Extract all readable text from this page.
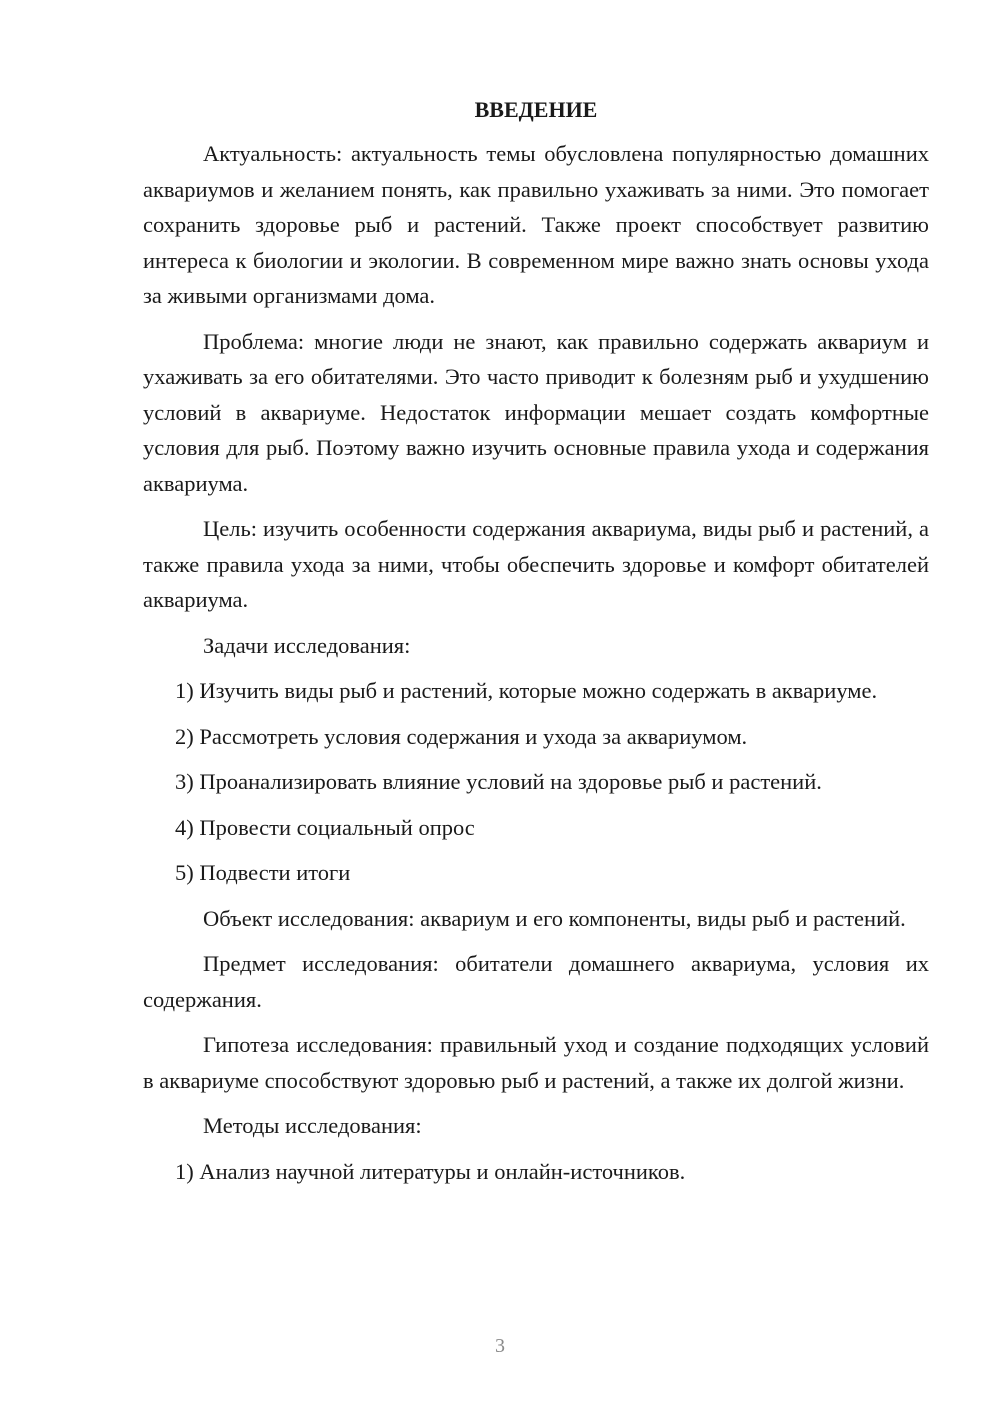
ВВЕДЕНИЕ

Актуальность: актуальность темы обусловлена популярностью домашних аквариумов и желанием понять, как правильно ухаживать за ними. Это помогает сохранить здоровье рыб и растений. Также проект способствует развитию интереса к биологии и экологии. В современном мире важно знать основы ухода за живыми организмами дома.

Проблема: многие люди не знают, как правильно содержать аквариум и ухаживать за его обитателями. Это часто приводит к болезням рыб и ухудшению условий в аквариуме. Недостаток информации мешает создать комфортные условия для рыб. Поэтому важно изучить основные правила ухода и содержания аквариума.

Цель: изучить особенности содержания аквариума, виды рыб и растений, а также правила ухода за ними, чтобы обеспечить здоровье и комфорт обитателей аквариума.

Задачи исследования:

1) Изучить виды рыб и растений, которые можно содержать в аквариуме.

2) Рассмотреть условия содержания и ухода за аквариумом.

3) Проанализировать влияние условий на здоровье рыб и растений.

4) Провести социальный опрос

5) Подвести итоги

Объект исследования: аквариум и его компоненты, виды рыб и растений.

Предмет исследования: обитатели домашнего аквариума, условия их содержания.

Гипотеза исследования: правильный уход и создание подходящих условий в аквариуме способствуют здоровью рыб и растений, а также их долгой жизни.

Методы исследования:

1) Анализ научной литературы и онлайн-источников.

3
